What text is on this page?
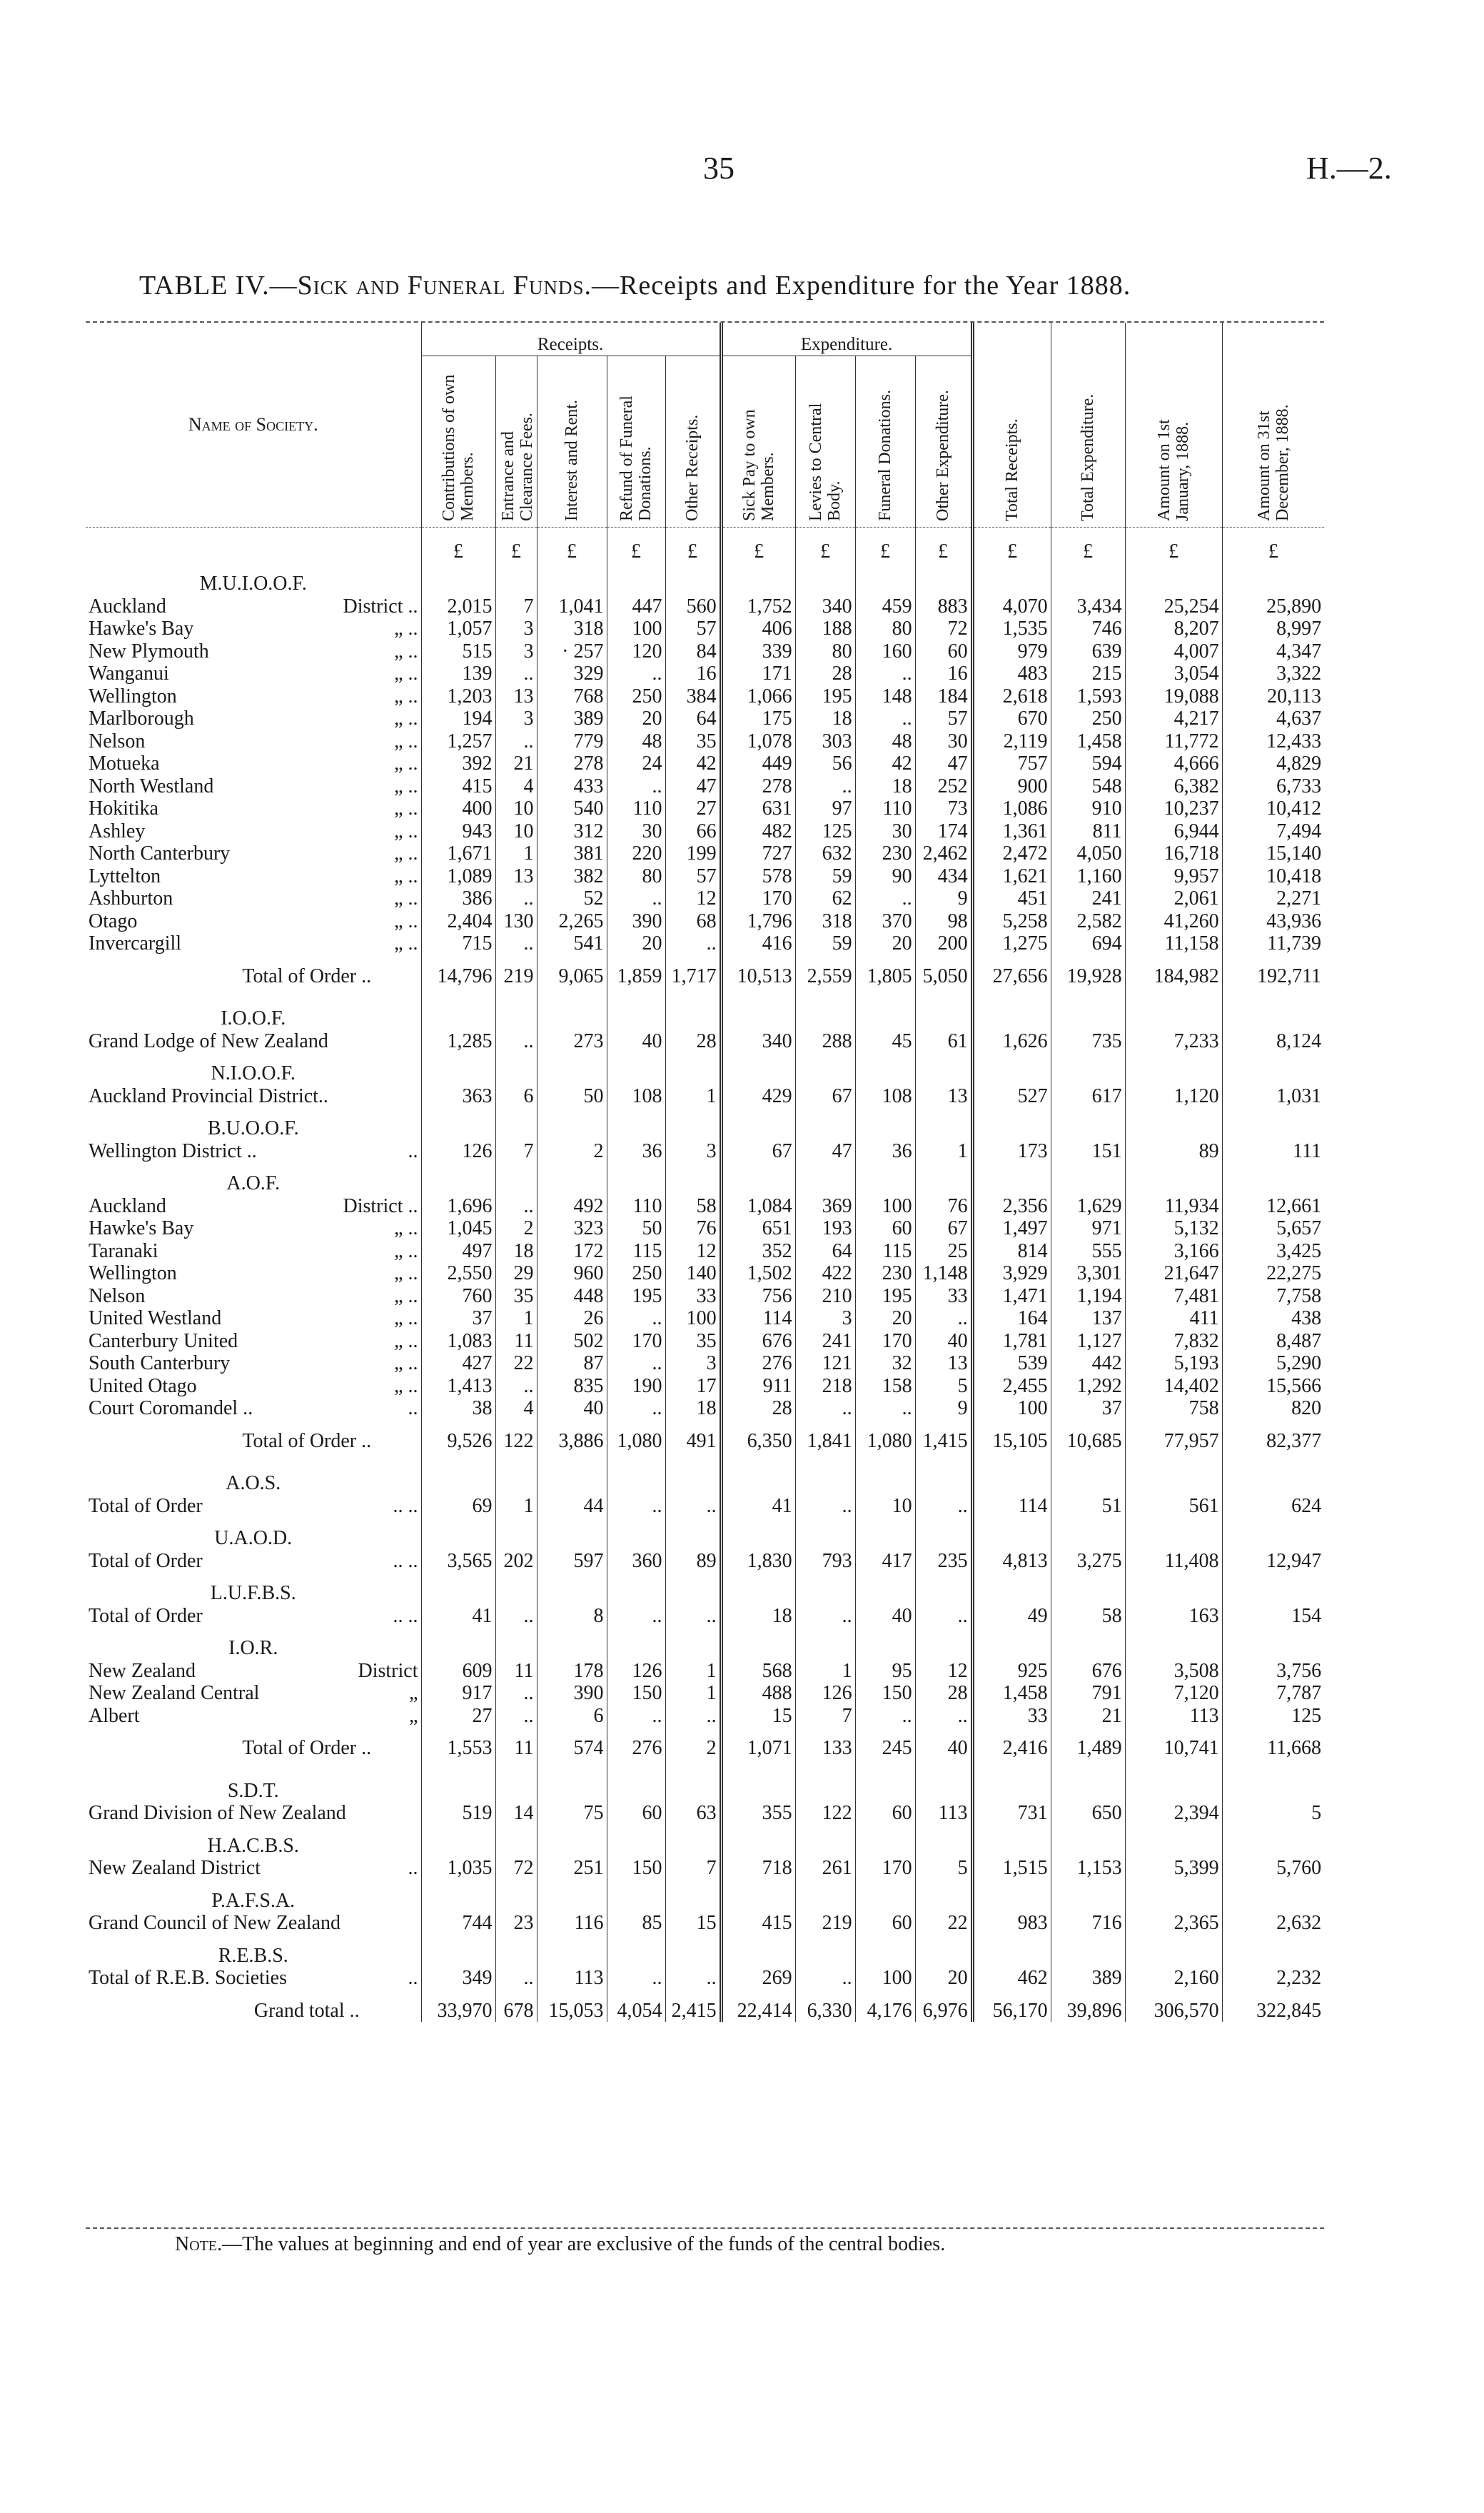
35	H.—2.
TABLE IV.—Sick and Funeral Funds.—Receipts and Expenditure for the Year 1888.
Name of Society.	Receipts.					Expenditure.				Total Receipts.	Total Expenditure.	Amount on 1st January, 1888.	Amount on 31st December, 1888.
	Contributions of own Members.	Entrance and Clearance Fees.	Interest and Rent.	Refund of Funeral Donations.	Other Receipts.	Sick Pay to own Members.	Levies to Central Body.	Funeral Donations.	Other Expenditure.				
	£	£	£	£	£	£	£	£	£	£	£	£	£
M.U.I.O.O.F.													
Auckland District ..	2,015	7	1,041	447	560	1,752	340	459	883	4,070	3,434	25,254	25,890
Hawke's Bay „ ..	1,057	3	318	100	57	406	188	80	72	1,535	746	8,207	8,997
New Plymouth „ ..	515	3	· 257	120	84	339	80	160	60	979	639	4,007	4,347
Wanganui „ ..	139	..	329	..	16	171	28	..	16	483	215	3,054	3,322
Wellington „ ..	1,203	13	768	250	384	1,066	195	148	184	2,618	1,593	19,088	20,113
Marlborough „ ..	194	3	389	20	64	175	18	..	57	670	250	4,217	4,637
Nelson „ ..	1,257	..	779	48	35	1,078	303	48	30	2,119	1,458	11,772	12,433
Motueka „ ..	392	21	278	24	42	449	56	42	47	757	594	4,666	4,829
North Westland „ ..	415	4	433	..	47	278	..	18	252	900	548	6,382	6,733
Hokitika „ ..	400	10	540	110	27	631	97	110	73	1,086	910	10,237	10,412
Ashley „ ..	943	10	312	30	66	482	125	30	174	1,361	811	6,944	7,494
North Canterbury „ ..	1,671	1	381	220	199	727	632	230	2,462	2,472	4,050	16,718	15,140
Lyttelton „ ..	1,089	13	382	80	57	578	59	90	434	1,621	1,160	9,957	10,418
Ashburton „ ..	386	..	52	..	12	170	62	..	9	451	241	2,061	2,271
Otago „ ..	2,404	130	2,265	390	68	1,796	318	370	98	5,258	2,582	41,260	43,936
Invercargill „ ..	715	..	541	20	..	416	59	20	200	1,275	694	11,158	11,739

Total of Order ..	14,796	219	9,065	1,859	1,717	10,513	2,559	1,805	5,050	27,656	19,928	184,982	192,711

I.O.O.F.													
Grand Lodge of New Zealand	1,285	..	273	40	28	340	288	45	61	1,626	735	7,233	8,124
N.I.O.O.F.													
Auckland Provincial District..	363	6	50	108	1	429	67	108	13	527	617	1,120	1,031
B.U.O.O.F.													
Wellington District .. ..	126	7	2	36	3	67	47	36	1	173	151	89	111
A.O.F.													
Auckland District ..	1,696	..	492	110	58	1,084	369	100	76	2,356	1,629	11,934	12,661
Hawke's Bay „ ..	1,045	2	323	50	76	651	193	60	67	1,497	971	5,132	5,657
Taranaki „ ..	497	18	172	115	12	352	64	115	25	814	555	3,166	3,425
Wellington „ ..	2,550	29	960	250	140	1,502	422	230	1,148	3,929	3,301	21,647	22,275
Nelson „ ..	760	35	448	195	33	756	210	195	33	1,471	1,194	7,481	7,758
United Westland „ ..	37	1	26	..	100	114	3	20	..	164	137	411	438
Canterbury United „ ..	1,083	11	502	170	35	676	241	170	40	1,781	1,127	7,832	8,487
South Canterbury „ ..	427	22	87	..	3	276	121	32	13	539	442	5,193	5,290
United Otago „ ..	1,413	..	835	190	17	911	218	158	5	2,455	1,292	14,402	15,566
Court Coromandel .. ..	38	4	40	..	18	28	..	..	9	100	37	758	820

Total of Order ..	9,526	122	3,886	1,080	491	6,350	1,841	1,080	1,415	15,105	10,685	77,957	82,377

A.O.S.													
Total of Order .. ..	69	1	44	..	..	41	..	10	..	114	51	561	624
U.A.O.D.													
Total of Order .. ..	3,565	202	597	360	89	1,830	793	417	235	4,813	3,275	11,408	12,947
L.U.F.B.S.													
Total of Order .. ..	41	..	8	..	..	18	..	40	..	49	58	163	154
I.O.R.													
New Zealand District	609	11	178	126	1	568	1	95	12	925	676	3,508	3,756
New Zealand Central „	917	..	390	150	1	488	126	150	28	1,458	791	7,120	7,787
Albert „	27	..	6	..	..	15	7	..	..	33	21	113	125

Total of Order ..	1,553	11	574	276	2	1,071	133	245	40	2,416	1,489	10,741	11,668

S.D.T.													
Grand Division of New Zealand	519	14	75	60	63	355	122	60	113	731	650	2,394	5
H.A.C.B.S.													
New Zealand District ..	1,035	72	251	150	7	718	261	170	5	1,515	1,153	5,399	5,760
P.A.F.S.A.													
Grand Council of New Zealand	744	23	116	85	15	415	219	60	22	983	716	2,365	2,632
R.E.B.S.													
Total of R.E.B. Societies ..	349	..	113	..	..	269	..	100	20	462	389	2,160	2,232

Grand total ..	33,970	678	15,053	4,054	2,415	22,414	6,330	4,176	6,976	56,170	39,896	306,570	322,845
Note.—The values at beginning and end of year are exclusive of the funds of the central bodies.
